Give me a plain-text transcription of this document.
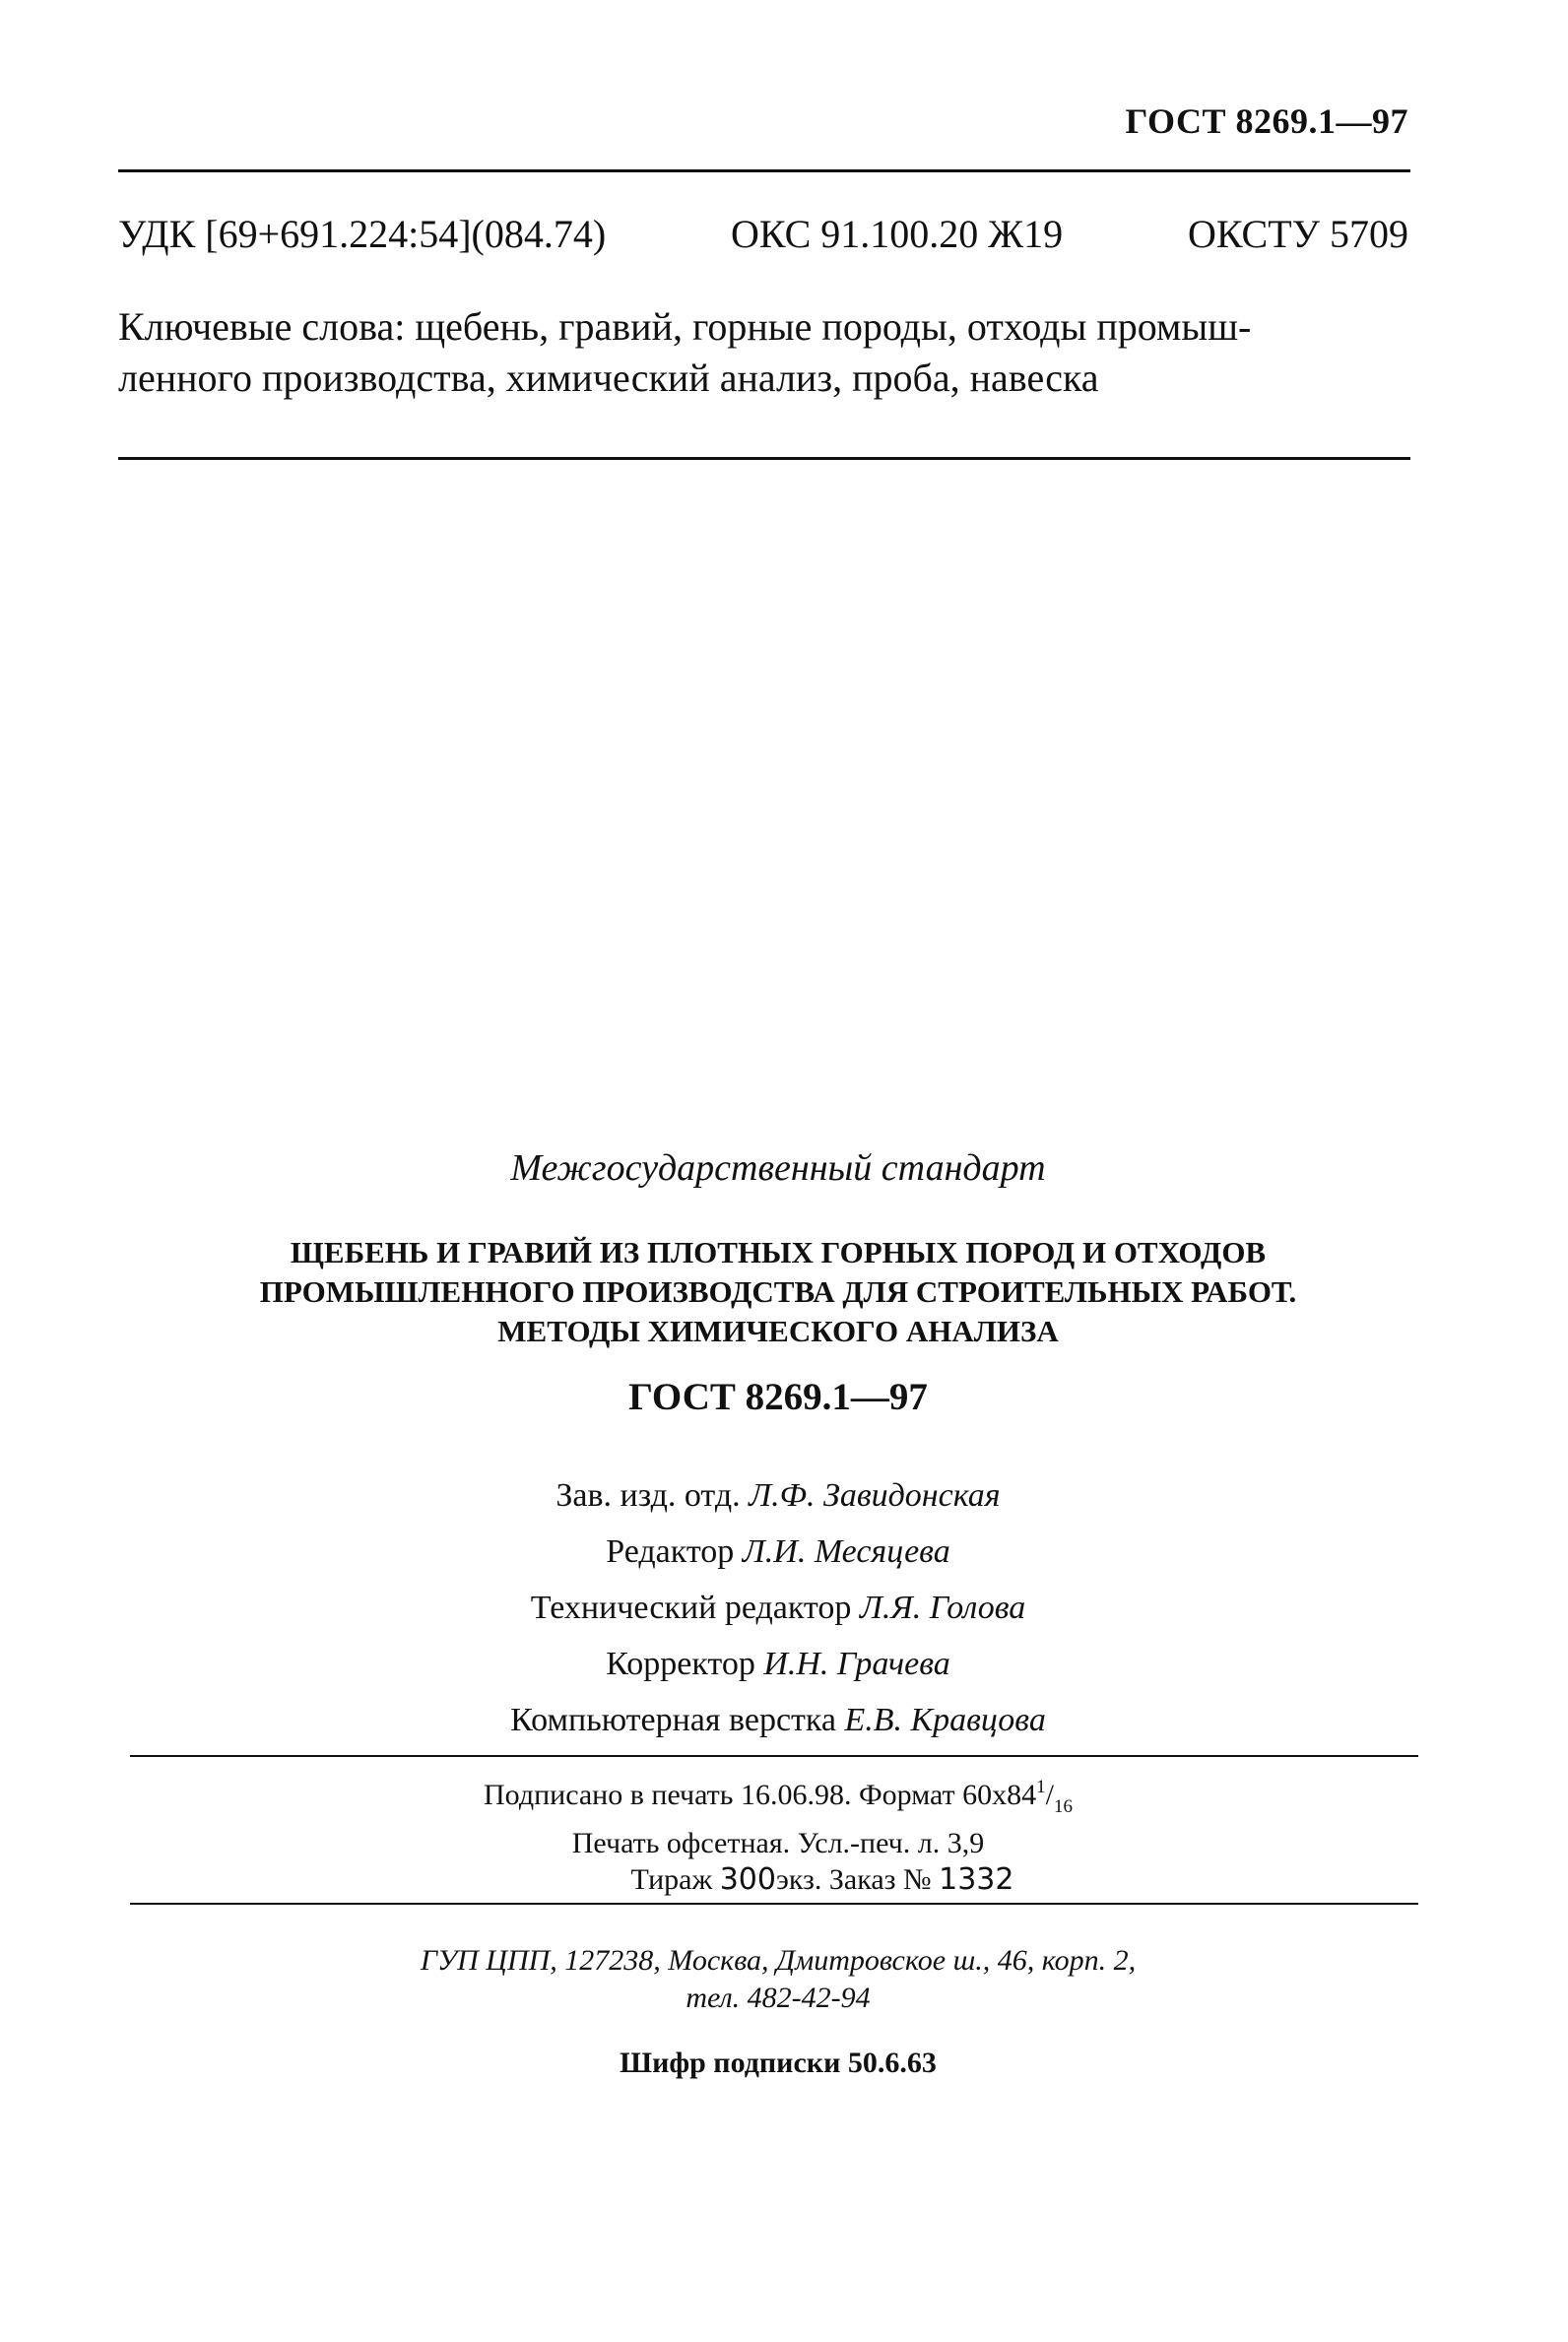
ГОСТ 8269.1—97
УДК [69+691.224:54](084.74)	ОКС 91.100.20 Ж19	ОКСТУ 5709
Ключевые слова: щебень, гравий, горные породы, отходы промыш-
ленного производства, химический анализ, проба, навеска
Межгосударственный стандарт
ЩЕБЕНЬ И ГРАВИЙ ИЗ ПЛОТНЫХ ГОРНЫХ ПОРОД И ОТХОДОВ
ПРОМЫШЛЕННОГО ПРОИЗВОДСТВА ДЛЯ СТРОИТЕЛЬНЫХ РАБОТ.
МЕТОДЫ ХИМИЧЕСКОГО АНАЛИЗА
ГОСТ 8269.1—97
Зав. изд. отд. Л.Ф. Завидонская
Редактор Л.И. Месяцева
Технический редактор Л.Я. Голова
Корректор И.Н. Грачева
Компьютерная верстка Е.В. Кравцова
Подписано в печать 16.06.98. Формат $60х84^1/_{16}$
Печать офсетная. Усл.-печ. л. 3,9
Тираж 300экз. Заказ № 1332
ГУП ЦПП, 127238, Москва, Дмитровское ш., 46, корп. 2,
тел. 482-42-94
Шифр подписки 50.6.63
